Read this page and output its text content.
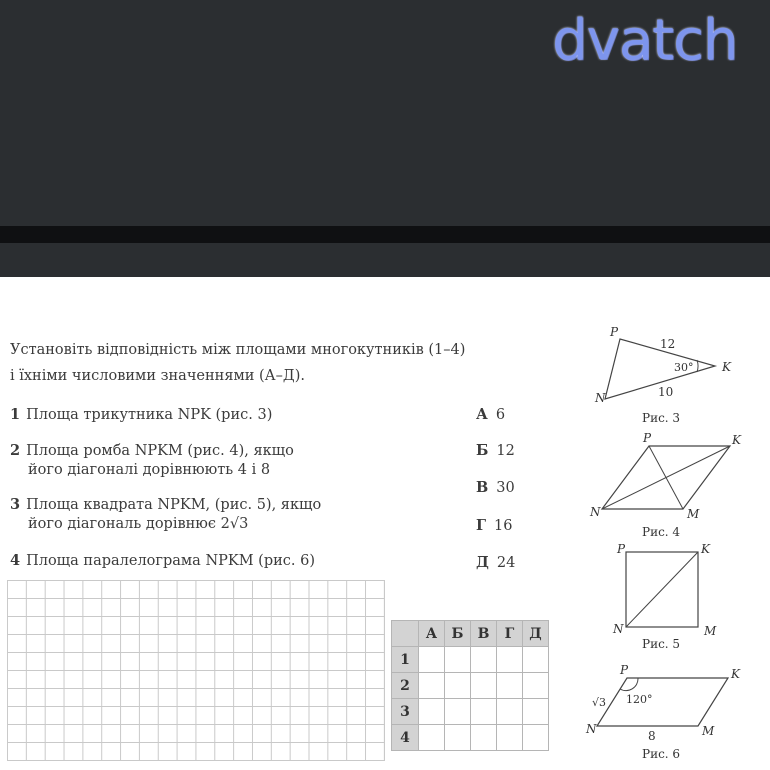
dvatch
Установіть відповідність між площами многокутників (1–4)
і їхніми числовими значеннями (А–Д).
1 Площа трикутника NPK (рис. 3)
2 Площа ромба NPKM (рис. 4), якщо
його діагоналі дорівнюють 4 і 8
3 Площа квадрата NPKM, (рис. 5), якщо
його діагональ дорівнює 2√3
4 Площа паралелограма NPKM (рис. 6)
А 6
Б 12
В 30
Г 16
Д 24
	А	Б	В	Г	Д
1					
2					
3					
4					
P
N
K
12
10
30°
Рис. 3
P	K
N	M
Рис. 4
P	K
N	M
Рис. 5
P	K
N	M
√3 120°
8
Рис. 6
